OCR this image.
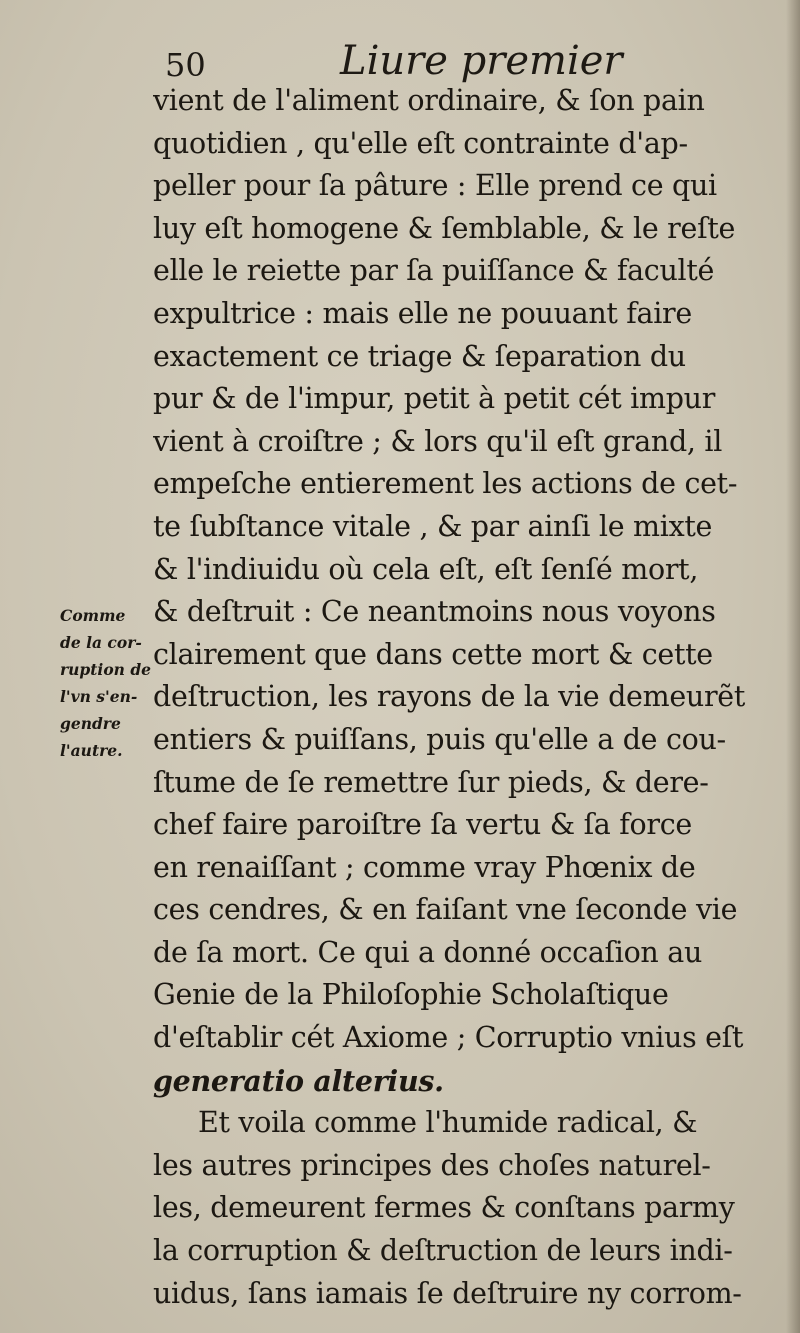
50	Liure premier
vient de l'aliment ordinaire, & ſon pain
quotidien , qu'elle eſt contrainte d'ap-
peller pour ſa pâture : Elle prend ce qui
luy eſt homogene & ſemblable, & le reſte
elle le reiette par ſa puiſſance & faculté
expultrice : mais elle ne pouuant faire
exactement ce triage & ſeparation du
pur & de l'impur, petit à petit cét impur
vient à croiſtre ; & lors qu'il eſt grand, il
empeſche entierement les actions de cet-
te ſubſtance vitale , & par ainſi le mixte
& l'indiuidu où cela eſt, eſt ſenſé mort,
& deſtruit : Ce neantmoins nous voyons
clairement que dans cette mort & cette
deſtruction, les rayons de la vie demeurẽt
entiers & puiſſans, puis qu'elle a de cou-
ſtume de ſe remettre ſur pieds, & dere-
chef faire paroiſtre ſa vertu & ſa force
en renaiſſant ; comme vray Phœnix de
ces cendres, & en faiſant vne ſeconde vie
de ſa mort. Ce qui a donné occaſion au
Genie de la Philoſophie Scholaſtique
d'eſtablir cét Axiome ; Corruptio vnius eſt
generatio alterius.
Et voila comme l'humide radical, &
les autres principes des choſes naturel-
les, demeurent fermes & conſtans parmy
la corruption & deſtruction de leurs indi-
uidus, ſans iamais ſe deſtruire ny corrom-
Comme
de la cor-
ruption de
l'vn s'en-
gendre
l'autre.
